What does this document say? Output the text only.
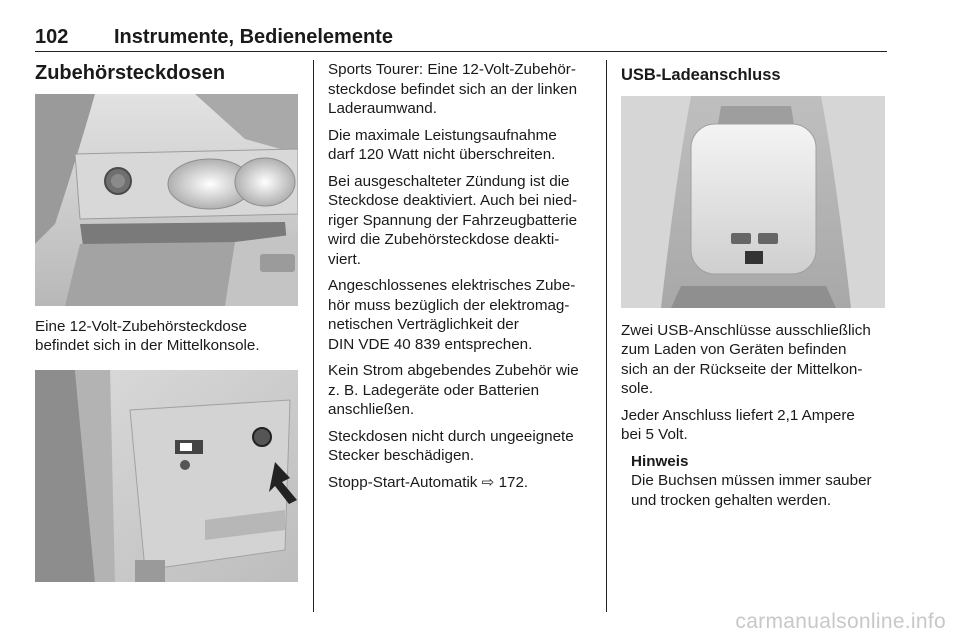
102 Instrumente, Bedienelemente
Zubehörsteckdosen

Eine 12-Volt-Zubehörsteckdose
befindet sich in der Mittelkonsole.

Sports Tourer: Eine 12-Volt-Zubehör-
steckdose befindet sich an der linken
Laderaumwand.

Die maximale Leistungsaufnahme
darf 120 Watt nicht überschreiten.

Bei ausgeschalteter Zündung ist die
Steckdose deaktiviert. Auch bei nied-
riger Spannung der Fahrzeugbatterie
wird die Zubehörsteckdose deakti-
viert.

Angeschlossenes elektrisches Zube-
hör muss bezüglich der elektromag-
netischen Verträglichkeit der
DIN VDE 40 839 entsprechen.

Kein Strom abgebendes Zubehör wie
z. B. Ladegeräte oder Batterien
anschließen.

Steckdosen nicht durch ungeeignete
Stecker beschädigen.

Stopp-Start-Automatik ⇨ 172.

USB-Ladeanschluss

Zwei USB-Anschlüsse ausschließlich
zum Laden von Geräten befinden
sich an der Rückseite der Mittelkon-
sole.

Jeder Anschluss liefert 2,1 Ampere
bei 5 Volt.

Hinweis
Die Buchsen müssen immer sauber
und trocken gehalten werden.
carmanualsonline.info
